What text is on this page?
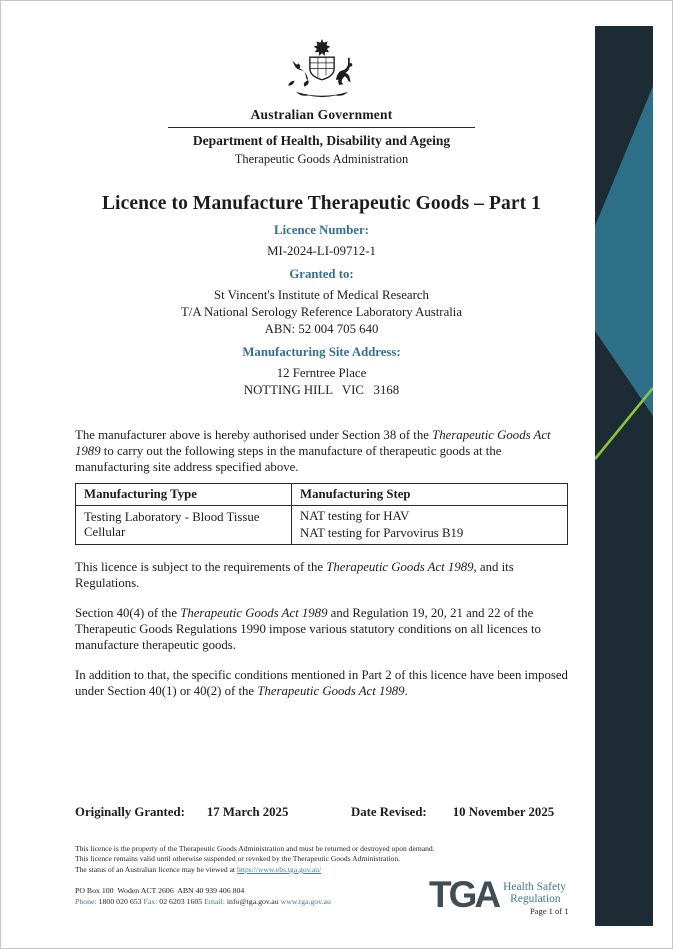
Australian Government
Department of Health, Disability and Ageing
Therapeutic Goods Administration
Licence to Manufacture Therapeutic Goods – Part 1
Licence Number:
MI-2024-LI-09712-1
Granted to:
St Vincent's Institute of Medical Research
T/A National Serology Reference Laboratory Australia
ABN: 52 004 705 640
Manufacturing Site Address:
12 Ferntree Place
NOTTING HILL   VIC   3168
The manufacturer above is hereby authorised under Section 38 of the Therapeutic Goods Act 1989 to carry out the following steps in the manufacture of therapeutic goods at the manufacturing site address specified above.
Manufacturing Type	Manufacturing Step
Testing Laboratory - Blood Tissue Cellular	NAT testing for HAV
NAT testing for Parvovirus B19
This licence is subject to the requirements of the Therapeutic Goods Act 1989, and its Regulations.
Section 40(4) of the Therapeutic Goods Act 1989 and Regulation 19, 20, 21 and 22 of the Therapeutic Goods Regulations 1990 impose various statutory conditions on all licences to manufacture therapeutic goods.
In addition to that, the specific conditions mentioned in Part 2 of this licence have been imposed under Section 40(1) or 40(2) of the Therapeutic Goods Act 1989.
Originally Granted: 17 March 2025	Date Revised: 10 November 2025
This licence is the property of the Therapeutic Goods Administration and must be returned or destroyed upon demand.
This licence remains valid until otherwise suspended or revoked by the Therapeutic Goods Administration.
The status of an Australian licence may be viewed at https://www.ebs.tga.gov.au/
PO Box 100  Woden ACT 2606  ABN 40 939 406 804
Phone: 1800 020 653 Fax: 02 6203 1605 Email: info@tga.gov.au www.tga.gov.au	TGA Health Safety
Regulation
Page 1 of 1
